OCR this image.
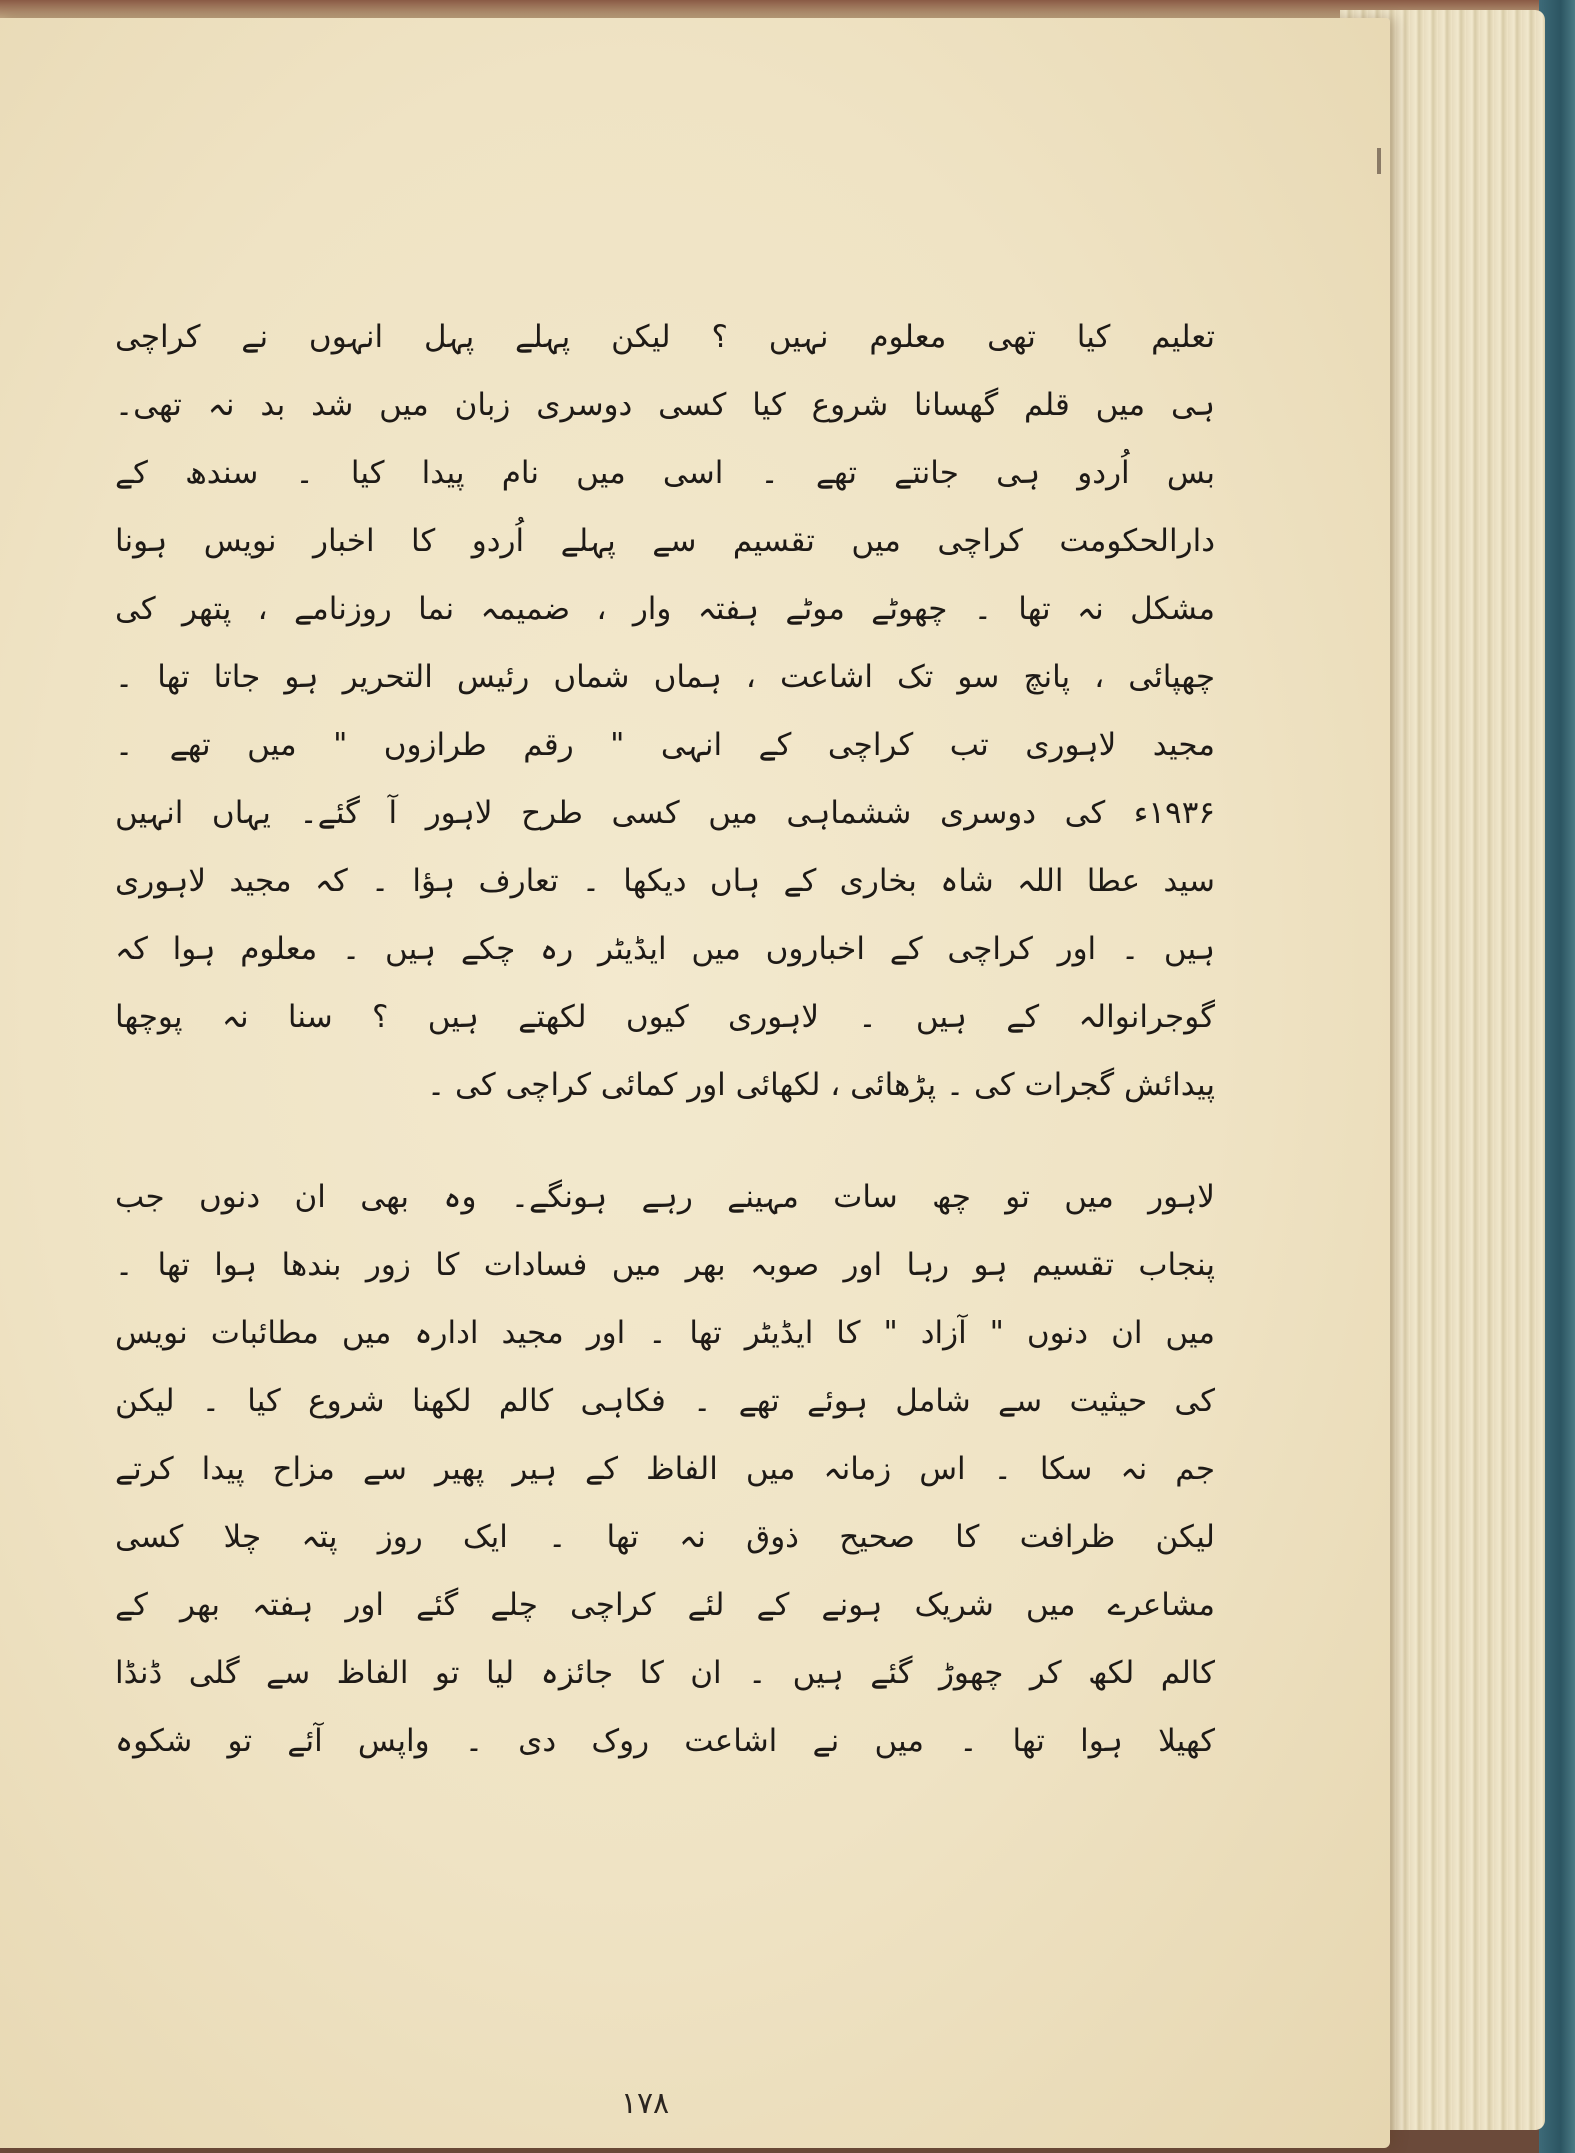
تعلیم کیا تھی معلوم نہیں ؟ لیکن پہلے پہل انہوں نے کراچی
ہی میں قلم گھسانا شروع کیا کسی دوسری زبان میں شد بد نہ تھی۔
بس اُردو ہی جانتے تھے ۔ اسی میں نام پیدا کیا ۔ سندھ کے
دارالحکومت کراچی میں تقسیم سے پہلے اُردو کا اخبار نویس ہونا
مشکل نہ تھا ۔ چھوٹے موٹے ہفتہ وار ، ضمیمہ نما روزنامے ، پتھر کی
چھپائی ، پانچ سو تک اشاعت ، ہماں شماں رئیس التحریر ہو جاتا تھا ۔
مجید لاہوری تب کراچی کے انہی " رقم طرازوں " میں تھے ۔
۱۹۳۶ء کی دوسری ششماہی میں کسی طرح لاہور آ گئے۔ یہاں انہیں
سید عطا اللہ شاہ بخاری کے ہاں دیکھا ۔ تعارف ہؤا ۔ کہ مجید لاہوری
ہیں ۔ اور کراچی کے اخباروں میں ایڈیٹر رہ چکے ہیں ۔ معلوم ہوا کہ
گوجرانوالہ کے ہیں ۔ لاہوری کیوں لکھتے ہیں ؟ سنا نہ پوچھا
پیدائش گجرات کی ۔ پڑھائی ، لکھائی اور کمائی کراچی کی ۔
لاہور میں تو چھ سات مہینے رہے ہونگے۔ وہ بھی ان دنوں جب
پنجاب تقسیم ہو رہا اور صوبہ بھر میں فسادات کا زور بندھا ہوا تھا ۔
میں ان دنوں " آزاد " کا ایڈیٹر تھا ۔ اور مجید ادارہ میں مطائبات نویس
کی حیثیت سے شامل ہوئے تھے ۔ فکاہی کالم لکھنا شروع کیا ۔ لیکن
جم نہ سکا ۔ اس زمانہ میں الفاظ کے ہیر پھیر سے مزاح پیدا کرتے
لیکن ظرافت کا صحیح ذوق نہ تھا ۔ ایک روز پتہ چلا کسی
مشاعرے میں شریک ہونے کے لئے کراچی چلے گئے اور ہفتہ بھر کے
کالم لکھ کر چھوڑ گئے ہیں ۔ ان کا جائزہ لیا تو الفاظ سے گلی ڈنڈا
کھیلا ہوا تھا ۔ میں نے اشاعت روک دی ۔ واپس آئے تو شکوہ
۱۷۸
